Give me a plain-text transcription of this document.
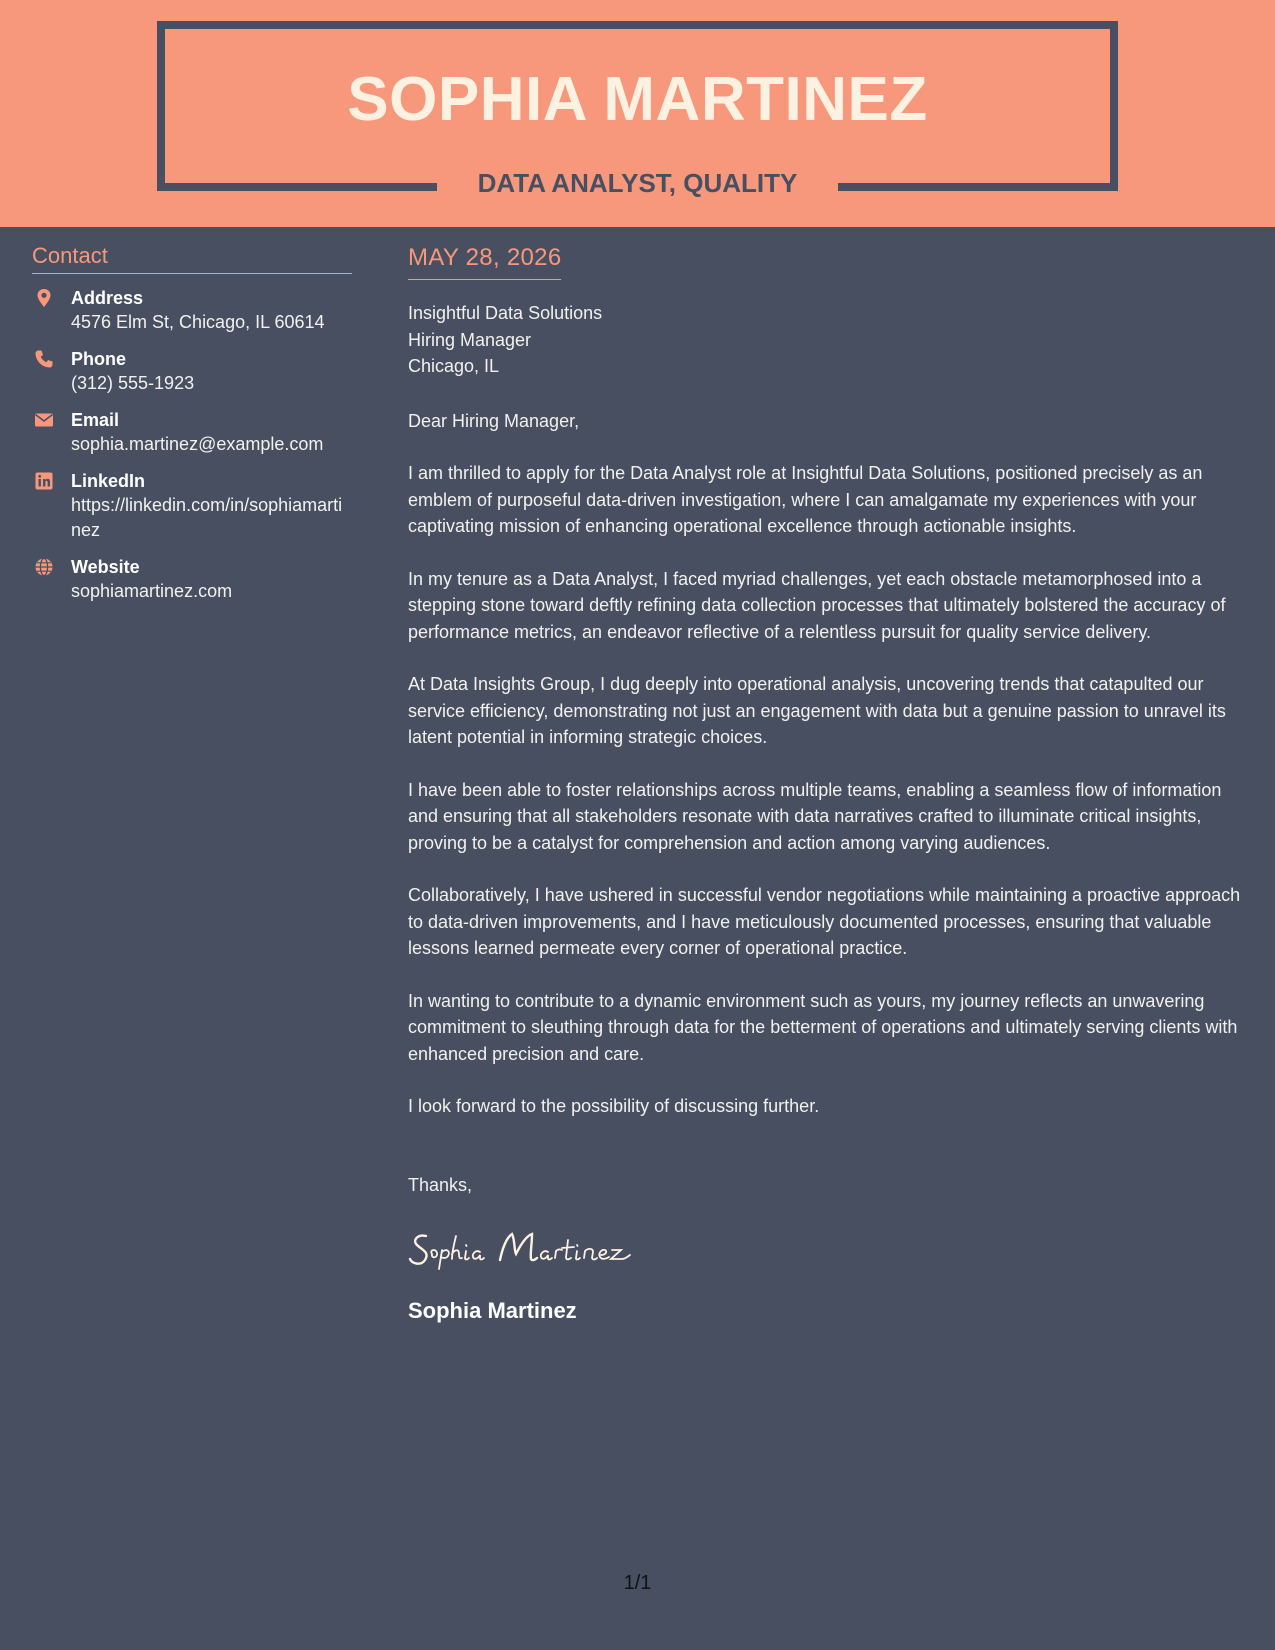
SOPHIA MARTINEZ
DATA ANALYST, QUALITY
Contact
Address
4576 Elm St, Chicago, IL 60614
Phone
(312) 555-1923
Email
sophia.martinez@example.com
LinkedIn
https://linkedin.com/in/sophiamartinez
Website
sophiamartinez.com
MAY 28, 2026
Insightful Data Solutions
Hiring Manager
Chicago, IL
Dear Hiring Manager,

I am thrilled to apply for the Data Analyst role at Insightful Data Solutions, positioned precisely as an emblem of purposeful data-driven investigation, where I can amalgamate my experiences with your captivating mission of enhancing operational excellence through actionable insights.

In my tenure as a Data Analyst, I faced myriad challenges, yet each obstacle metamorphosed into a stepping stone toward deftly refining data collection processes that ultimately bolstered the accuracy of performance metrics, an endeavor reflective of a relentless pursuit for quality service delivery.

At Data Insights Group, I dug deeply into operational analysis, uncovering trends that catapulted our service efficiency, demonstrating not just an engagement with data but a genuine passion to unravel its latent potential in informing strategic choices.

I have been able to foster relationships across multiple teams, enabling a seamless flow of information and ensuring that all stakeholders resonate with data narratives crafted to illuminate critical insights, proving to be a catalyst for comprehension and action among varying audiences.

Collaboratively, I have ushered in successful vendor negotiations while maintaining a proactive approach to data-driven improvements, and I have meticulously documented processes, ensuring that valuable lessons learned permeate every corner of operational practice.

In wanting to contribute to a dynamic environment such as yours, my journey reflects an unwavering commitment to sleuthing through data for the betterment of operations and ultimately serving clients with enhanced precision and care.

I look forward to the possibility of discussing further.

Thanks,
Sophia Martinez
1/1
